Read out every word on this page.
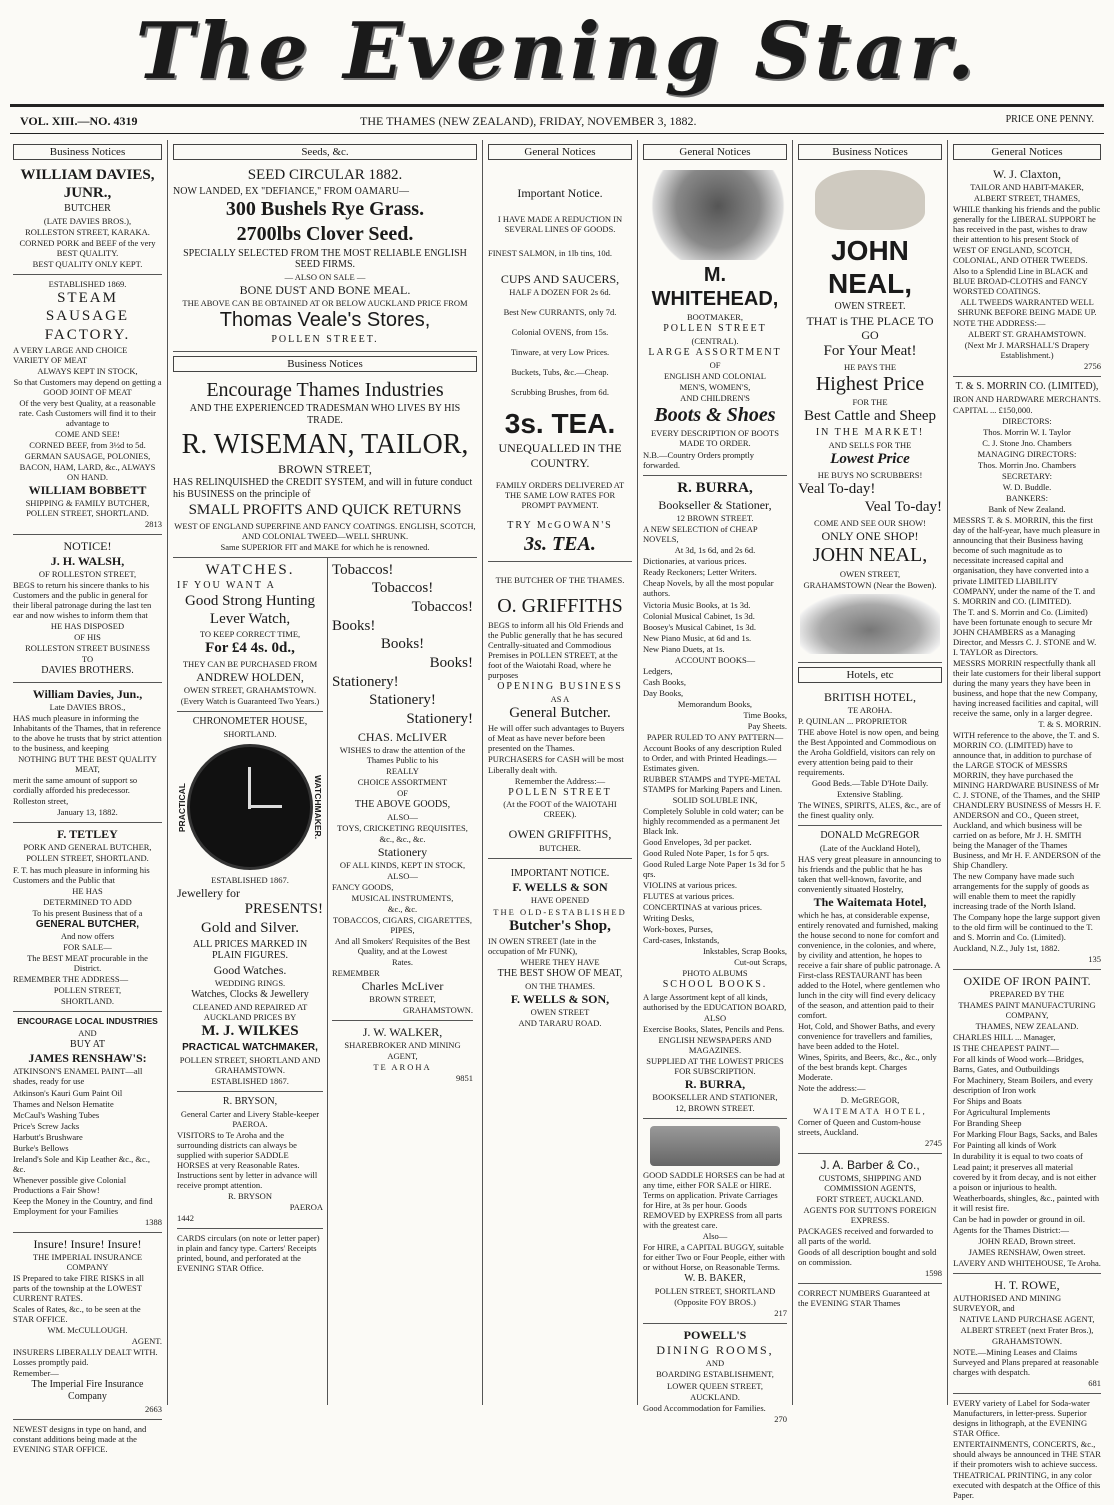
The Evening Star.
VOL. XIII.—NO. 4319	THE THAMES (NEW ZEALAND), FRIDAY, NOVEMBER 3, 1882.	PRICE ONE PENNY.
Business Notices
WILLIAM DAVIES, JUNR.,
BUTCHER
(LATE DAVIES BROS.),
ROLLESTON STREET, KARAKA.
CORNED PORK and BEEF of the very BEST QUALITY.
BEST QUALITY ONLY KEPT.
ESTABLISHED 1869.
STEAM SAUSAGE
FACTORY.
A VERY LARGE AND CHOICE VARIETY OF MEAT
ALWAYS KEPT IN STOCK,
So that Customers may depend on getting a GOOD JOINT OF MEAT
Of the very best Quality, at a reasonable rate. Cash Customers will find it to their advantage to
COME AND SEE!
CORNED BEEF, from 3½d to 5d.
GERMAN SAUSAGE, POLONIES, BACON, HAM, LARD, &c., ALWAYS ON HAND.
WILLIAM BOBBETT
SHIPPING & FAMILY BUTCHER, POLLEN STREET, SHORTLAND.
2813
NOTICE!
J. H. WALSH,
OF ROLLESTON STREET,
BEGS to return his sincere thanks to his Customers and the public in general for their liberal patronage during the last ten ear and now wishes to inform them that
HE HAS DISPOSED
OF HIS
ROLLESTON STREET BUSINESS
TO
DAVIES BROTHERS.
William Davies, Jun.,
Late DAVIES BROS.,
HAS much pleasure in informing the Inhabitants of the Thames, that in reference to the above he trusts that by strict attention to the business, and keeping
NOTHING BUT THE BEST QUALITY MEAT,
merit the same amount of support so cordially afforded his predecessor.
Rolleston street,
January 13, 1882.
F. TETLEY
PORK AND GENERAL BUTCHER,
POLLEN STREET, SHORTLAND.
F. T. has much pleasure in informing his Customers and the Public that
HE HAS
DETERMINED TO ADD
To his present Business that of a
GENERAL BUTCHER,
And now offers
FOR SALE—
The BEST MEAT procurable in the District.
REMEMBER THE ADDRESS—
POLLEN STREET,
SHORTLAND.
ENCOURAGE LOCAL INDUSTRIES
AND
BUY AT
JAMES RENSHAW'S:
ATKINSON'S ENAMEL PAINT—all shades, ready for use
Atkinson's Kauri Gum Paint Oil
Thames and Nelson Hematite
McCaul's Washing Tubes
Price's Screw Jacks
Harbutt's Brushware
Burke's Bellows
Ireland's Sole and Kip Leather &c., &c., &c.
Whenever possible give Colonial Productions a Fair Show!
Keep the Money in the Country, and find Employment for your Families
1388
Insure! Insure! Insure!
THE IMPERIAL INSURANCE COMPANY
IS Prepared to take FIRE RISKS in all parts of the township at the LOWEST CURRENT RATES.
Scales of Rates, &c., to be seen at the STAR OFFICE.
WM. McCULLOUGH.
AGENT.
INSURERS LIBERALLY DEALT WITH. Losses promptly paid.
Remember—
The Imperial Fire Insurance Company
2663
NEWEST designs in type on hand, and constant additions being made at the EVENING STAR OFFICE.
Seeds, &c.
SEED CIRCULAR 1882.
NOW LANDED, EX "DEFIANCE," FROM OAMARU—
300 Bushels Rye Grass.
2700lbs Clover Seed.
SPECIALLY SELECTED FROM THE MOST RELIABLE ENGLISH SEED FIRMS.
— ALSO ON SALE —
BONE DUST AND BONE MEAL.
THE ABOVE CAN BE OBTAINED AT OR BELOW AUCKLAND PRICE FROM
Thomas Veale's Stores,
POLLEN STREET.
Business Notices
Encourage Thames Industries
AND THE EXPERIENCED TRADESMAN WHO LIVES BY HIS TRADE.
R. WISEMAN, TAILOR,
BROWN STREET,
HAS RELINQUISHED the CREDIT SYSTEM, and will in future conduct his BUSINESS on the principle of
SMALL PROFITS AND QUICK RETURNS
WEST OF ENGLAND SUPERFINE AND FANCY COATINGS. ENGLISH, SCOTCH, AND COLONIAL TWEED—WELL SHRUNK.
Same SUPERIOR FIT and MAKE for which he is renowned.
WATCHES.
IF YOU WANT A
Good Strong Hunting Lever Watch,
TO KEEP CORRECT TIME,
For £4 4s. 0d.,
THEY CAN BE PURCHASED FROM
ANDREW HOLDEN,
OWEN STREET, GRAHAMSTOWN.
(Every Watch is Guaranteed Two Years.)
CHRONOMETER HOUSE,
SHORTLAND.
PRACTICAL	WATCHMAKER.
ESTABLISHED 1867.
Jewellery for
PRESENTS!
Gold and Silver.
ALL PRICES MARKED IN PLAIN FIGURES.
Good Watches.
WEDDING RINGS.
Watches, Clocks & Jewellery
CLEANED AND REPAIRED AT AUCKLAND PRICES BY
M. J. WILKES
PRACTICAL WATCHMAKER,
POLLEN STREET, SHORTLAND AND GRAHAMSTOWN.
ESTABLISHED 1867.
R. BRYSON,
General Carter and Livery Stable-keeper PAEROA.
VISITORS to Te Aroha and the surrounding districts can always be supplied with superior SADDLE HORSES at very Reasonable Rates. Instructions sent by letter in advance will receive prompt attention.
R. BRYSON
PAEROA
1442
CARDS circulars (on note or letter paper) in plain and fancy type. Carters' Receipts printed, bound, and perforated at the EVENING STAR Office.
Tobaccos!
Tobaccos!
Tobaccos!
Books!
Books!
Books!
Stationery!
Stationery!
Stationery!
CHAS. McLIVER
WISHES to draw the attention of the Thames Public to his
REALLY
CHOICE ASSORTMENT
OF
THE ABOVE GOODS,
ALSO—
TOYS, CRICKETING REQUISITES,
&c., &c., &c.
Stationery
OF ALL KINDS, KEPT IN STOCK,
ALSO—
FANCY GOODS,
MUSICAL INSTRUMENTS,
&c., &c.
TOBACCOS, CIGARS, CIGARETTES, PIPES,
And all Smokers' Requisites of the Best Quality, and at the Lowest
Rates.
REMEMBER
Charles McLiver
BROWN STREET,
GRAHAMSTOWN.
J. W. WALKER,
SHAREBROKER AND MINING AGENT,
TE AROHA
9851
General Notices
Important Notice.
I HAVE MADE A REDUCTION IN SEVERAL LINES OF GOODS.
FINEST SALMON, in 1lb tins, 10d.
CUPS AND SAUCERS,
HALF A DOZEN FOR 2s 6d.
Best New CURRANTS, only 7d.
Colonial OVENS, from 15s.
Tinware, at very Low Prices.
Buckets, Tubs, &c.—Cheap.
Scrubbing Brushes, from 6d.
3s. TEA.
UNEQUALLED IN THE COUNTRY.
FAMILY ORDERS DELIVERED AT THE SAME LOW RATES FOR PROMPT PAYMENT.
TRY McGOWAN'S
3s. TEA.
THE BUTCHER OF THE THAMES.
O. GRIFFITHS
BEGS to inform all his Old Friends and the Public generally that he has secured Centrally-situated and Commodious Premises in POLLEN STREET, at the foot of the Waiotahi Road, where he purposes
OPENING BUSINESS
AS A
General Butcher.
He will offer such advantages to Buyers of Meat as have never before been presented on the Thames.
PURCHASERS for CASH will be most Liberally dealt with.
Remember the Address:—
POLLEN STREET
(At the FOOT of the WAIOTAHI CREEK).
OWEN GRIFFITHS,
BUTCHER.
IMPORTANT NOTICE.
F. WELLS & SON
HAVE OPENED
THE OLD-ESTABLISHED
Butcher's Shop,
IN OWEN STREET (late in the occupation of Mr FUNK),
WHERE THEY HAVE
THE BEST SHOW OF MEAT,
ON THE THAMES.
F. WELLS & SON,
OWEN STREET
AND TARARU ROAD.
General Notices
M. WHITEHEAD,
BOOTMAKER,
POLLEN STREET
(CENTRAL).
LARGE ASSORTMENT
OF
ENGLISH AND COLONIAL
MEN'S, WOMEN'S,
AND CHILDREN'S
Boots & Shoes
EVERY DESCRIPTION OF BOOTS MADE TO ORDER.
N.B.—Country Orders promptly forwarded.
R. BURRA,
Bookseller & Stationer,
12 BROWN STREET.
A NEW SELECTION of CHEAP NOVELS,
At 3d, 1s 6d, and 2s 6d.
Dictionaries, at various prices.
Ready Reckoners; Letter Writers.
Cheap Novels, by all the most popular authors.
Victoria Music Books, at 1s 3d.
Colonial Musical Cabinet, 1s 3d.
Boosey's Musical Cabinet, 1s 3d.
New Piano Music, at 6d and 1s.
New Piano Duets, at 1s.
ACCOUNT BOOKS—
Ledgers,
Cash Books,
Day Books,
Memorandum Books,
Time Books,
Pay Sheets.
PAPER RULED TO ANY PATTERN—
Account Books of any description Ruled to Order, and with Printed Headings.—Estimates given.
RUBBER STAMPS and TYPE-METAL STAMPS for Marking Papers and Linen.
SOLID SOLUBLE INK,
Completely Soluble in cold water; can be highly recommended as a permanent Jet Black Ink.
Good Envelopes, 3d per packet.
Good Ruled Note Paper, 1s for 5 qrs.
Good Ruled Large Note Paper 1s 3d for 5 qrs.
VIOLINS at various prices.
FLUTES at various prices.
CONCERTINAS at various prices.
Writing Desks,
Work-boxes, Purses,
Card-cases, Inkstands,
Inkstables, Scrap Books,
Cut-out Scraps,
PHOTO ALBUMS
SCHOOL BOOKS.
A large Assortment kept of all kinds, authorised by the EDUCATION BOARD,
ALSO
Exercise Books, Slates, Pencils and Pens.
ENGLISH NEWSPAPERS AND MAGAZINES.
SUPPLIED AT THE LOWEST PRICES FOR SUBSCRIPTION.
R. BURRA,
BOOKSELLER AND STATIONER,
12, BROWN STREET.
GOOD SADDLE HORSES can be had at any time, either FOR SALE or HIRE. Terms on application. Private Carriages for Hire, at 3s per hour. Goods REMOVED by EXPRESS from all parts with the greatest care.
Also—
For HIRE, a CAPITAL BUGGY, suitable for either Two or Four People, either with or without Horse, on Reasonable Terms.
W. B. BAKER,
POLLEN STREET, SHORTLAND
(Opposite FOY BROS.)
217
POWELL'S
DINING ROOMS,
AND
BOARDING ESTABLISHMENT,
LOWER QUEEN STREET,
AUCKLAND.
Good Accommodation for Families.
270
Business Notices
JOHN NEAL,
OWEN STREET.
THAT is THE PLACE TO GO
For Your Meat!
HE PAYS THE
Highest Price
FOR THE
Best Cattle and Sheep
IN THE MARKET!
AND SELLS FOR THE
Lowest Price
HE BUYS NO SCRUBBERS!
Veal To-day!
Veal To-day!
COME AND SEE OUR SHOW!
ONLY ONE SHOP!
JOHN NEAL,
OWEN STREET,
GRAHAMSTOWN (Near the Bowen).
Hotels, etc
BRITISH HOTEL,
TE AROHA.
P. QUINLAN ... PROPRIETOR
THE above Hotel is now open, and being the Best Appointed and Commodious on the Aroha Goldfield, visitors can rely on every attention being paid to their requirements.
Good Beds.—Table D'Hote Daily.
Extensive Stabling.
The WINES, SPIRITS, ALES, &c., are of the finest quality only.
DONALD McGREGOR
(Late of the Auckland Hotel),
HAS very great pleasure in announcing to his friends and the public that he has taken that well-known, favorite, and conveniently situated Hostelry,
The Waitemata Hotel,
which he has, at considerable expense, entirely renovated and furnished, making the house second to none for comfort and convenience, in the colonies, and where, by civility and attention, he hopes to receive a fair share of public patronage. A First-class RESTAURANT has been added to the Hotel, where gentlemen who lunch in the city will find every delicacy of the season, and attention paid to their comfort.
Hot, Cold, and Shower Baths, and every convenience for travellers and families, have been added to the Hotel.
Wines, Spirits, and Beers, &c., &c., only of the best brands kept. Charges Moderate.
Note the address:—
D. McGREGOR,
WAITEMATA HOTEL,
Corner of Queen and Custom-house streets, Auckland.
2745
J. A. Barber & Co.,
CUSTOMS, SHIPPING AND COMMISSION AGENTS,
FORT STREET, AUCKLAND.
AGENTS FOR SUTTON'S FOREIGN EXPRESS.
PACKAGES received and forwarded to all parts of the world.
Goods of all description bought and sold on commission.
1598
CORRECT NUMBERS Guaranteed at the EVENING STAR Thames
General Notices
W. J. Claxton,
TAILOR AND HABIT-MAKER,
ALBERT STREET, THAMES,
WHILE thanking his friends and the public generally for the LIBERAL SUPPORT he has received in the past, wishes to draw their attention to his present Stock of
WEST OF ENGLAND, SCOTCH, COLONIAL, AND OTHER TWEEDS.
Also to a Splendid Line in BLACK and BLUE BROAD-CLOTHS and FANCY WORSTED COATINGS.
ALL TWEEDS WARRANTED WELL SHRUNK BEFORE BEING MADE UP.
NOTE THE ADDRESS:—
ALBERT ST. GRAHAMSTOWN.
(Next Mr J. MARSHALL'S Drapery Establishment.)
2756
T. & S. MORRIN CO. (LIMITED),
IRON AND HARDWARE MERCHANTS.
CAPITAL ... £150,000.
DIRECTORS:
Thos. Morrin W. I. Taylor
C. J. Stone Jno. Chambers
MANAGING DIRECTORS:
Thos. Morrin Jno. Chambers
SECRETARY:
W. D. Buddle.
BANKERS:
Bank of New Zealand.
MESSRS T. & S. MORRIN, this the first day of the half-year, have much pleasure in announcing that their Business having become of such magnitude as to necessitate increased capital and organisation, they have converted into a private LIMITED LIABILITY COMPANY, under the name of the T. and S. MORRIN and CO. (LIMITED).
The T. and S. Morrin and Co. (Limited) have been fortunate enough to secure Mr JOHN CHAMBERS as a Managing Director, and Messrs C. J. STONE and W. I. TAYLOR as Directors.
MESSRS MORRIN respectfully thank all their late customers for their liberal support during the many years they have been in business, and hope that the new Company, having increased facilities and capital, will receive the same, only in a larger degree.
T. & S. MORRIN.
WITH reference to the above, the T. and S. MORRIN CO. (LIMITED) have to announce that, in addition to purchase of the LARGE STOCK of MESSRS MORRIN, they have purchased the MINING HARDWARE BUSINESS of Mr C. J. STONE, of the Thames, and the SHIP CHANDLERY BUSINESS of Messrs H. F. ANDERSON and CO., Queen street, Auckland, and which business will be carried on as before, Mr J. H. SMITH being the Manager of the Thames Business, and Mr H. F. ANDERSON of the Ship Chandlery.
The new Company have made such arrangements for the supply of goods as will enable them to meet the rapidly increasing trade of the North Island.
The Company hope the large support given to the old firm will be continued to the T. and S. Morrin and Co. (Limited).
Auckland, N.Z., July 1st, 1882.
135
OXIDE OF IRON PAINT.
PREPARED BY THE
THAMES PAINT MANUFACTURING COMPANY,
THAMES, NEW ZEALAND.
CHARLES HILL ... Manager,
IS THE CHEAPEST PAINT—
For all kinds of Wood work—Bridges, Barns, Gates, and Outbuildings
For Machinery, Steam Boilers, and every description of Iron work
For Ships and Boats
For Agricultural Implements
For Branding Sheep
For Marking Flour Bags, Sacks, and Bales
For Painting all kinds of Work
In durability it is equal to two coats of Lead paint; it preserves all material covered by it from decay, and is not either a poison or injurious to health.
Weatherboards, shingles, &c., painted with it will resist fire.
Can be had in powder or ground in oil.
Agents for the Thames District:—
JOHN READ, Brown street.
JAMES RENSHAW, Owen street.
LAVERY AND WHITEHOUSE, Te Aroha.
H. T. ROWE,
AUTHORISED AND MINING SURVEYOR, and
NATIVE LAND PURCHASE AGENT,
ALBERT STREET (next Frater Bros.),
GRAHAMSTOWN.
NOTE.—Mining Leases and Claims Surveyed and Plans prepared at reasonable charges with despatch.
681
EVERY variety of Label for Soda-water Manufacturers, in letter-press. Superior designs in lithograph, at the EVENING STAR Office.
ENTERTAINMENTS, CONCERTS, &c., should always be announced in THE STAR if their promoters wish to achieve success.
THEATRICAL PRINTING, in any color executed with despatch at the Office of this Paper.
